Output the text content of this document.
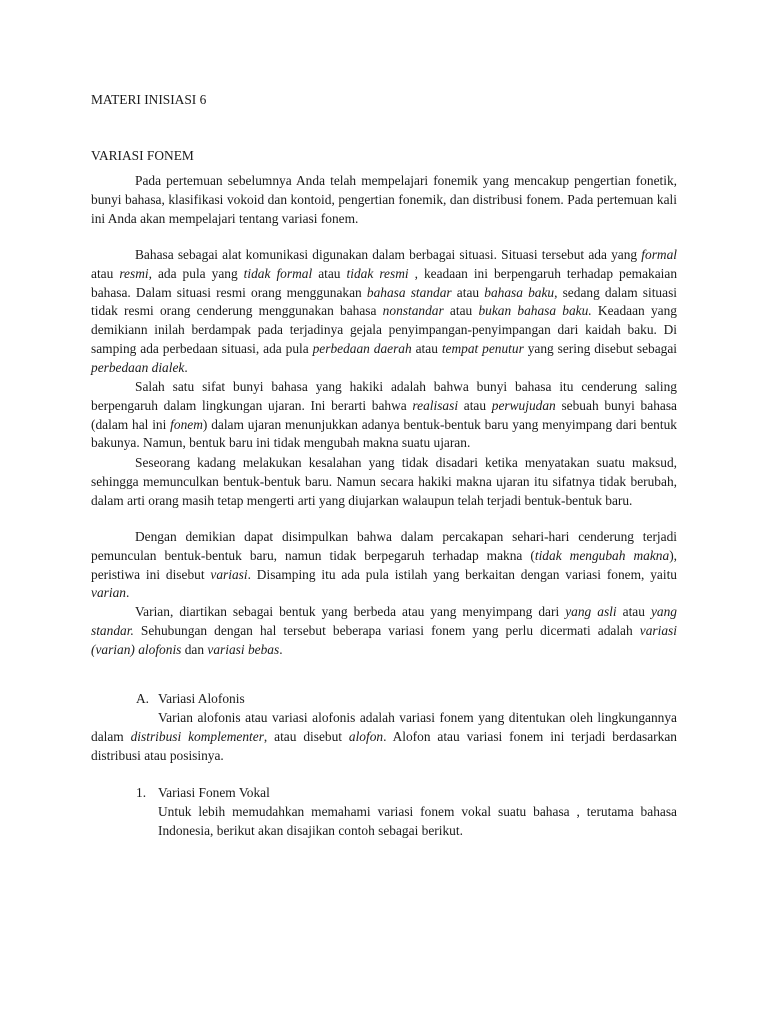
MATERI INISIASI 6
VARIASI FONEM
Pada pertemuan sebelumnya Anda telah mempelajari fonemik yang mencakup pengertian fonetik, bunyi bahasa, klasifikasi vokoid dan kontoid, pengertian fonemik, dan distribusi fonem. Pada pertemuan kali ini Anda akan mempelajari tentang variasi fonem.
Bahasa sebagai alat komunikasi digunakan dalam berbagai situasi. Situasi tersebut ada yang formal atau resmi, ada pula yang tidak formal atau tidak resmi , keadaan ini berpengaruh terhadap pemakaian bahasa. Dalam situasi resmi orang menggunakan bahasa standar atau bahasa baku, sedang dalam situasi tidak resmi orang cenderung menggunakan bahasa nonstandar atau bukan bahasa baku. Keadaan yang demikiann inilah berdampak pada terjadinya gejala penyimpangan-penyimpangan dari kaidah baku. Di samping ada perbedaan situasi, ada pula perbedaan daerah atau tempat penutur yang sering disebut sebagai perbedaan dialek.
Salah satu sifat bunyi bahasa yang hakiki adalah bahwa bunyi bahasa itu cenderung saling berpengaruh dalam lingkungan ujaran. Ini berarti bahwa realisasi atau perwujudan sebuah bunyi bahasa (dalam hal ini fonem) dalam ujaran menunjukkan adanya bentuk-bentuk baru yang menyimpang dari bentuk bakunya. Namun, bentuk baru ini tidak mengubah makna suatu ujaran.
Seseorang kadang melakukan kesalahan yang tidak disadari ketika menyatakan suatu maksud, sehingga memunculkan bentuk-bentuk baru. Namun secara hakiki makna ujaran itu sifatnya tidak berubah, dalam arti orang masih tetap mengerti arti yang diujarkan walaupun telah terjadi bentuk-bentuk baru.
Dengan demikian dapat disimpulkan bahwa dalam percakapan sehari-hari cenderung terjadi pemunculan bentuk-bentuk baru, namun tidak berpegaruh terhadap makna (tidak mengubah makna), peristiwa ini disebut variasi. Disamping itu ada pula istilah yang berkaitan dengan variasi fonem, yaitu varian.
Varian, diartikan sebagai bentuk yang berbeda atau yang menyimpang dari yang asli atau yang standar. Sehubungan dengan hal tersebut beberapa variasi fonem yang perlu dicermati adalah variasi (varian) alofonis dan variasi bebas.
A. Variasi Alofonis
Varian alofonis atau variasi alofonis adalah variasi fonem yang ditentukan oleh lingkungannya dalam distribusi komplementer, atau disebut alofon. Alofon atau variasi fonem ini terjadi berdasarkan distribusi atau posisinya.
1. Variasi Fonem Vokal
Untuk lebih memudahkan memahami variasi fonem vokal suatu bahasa , terutama bahasa Indonesia, berikut akan disajikan contoh sebagai berikut.
